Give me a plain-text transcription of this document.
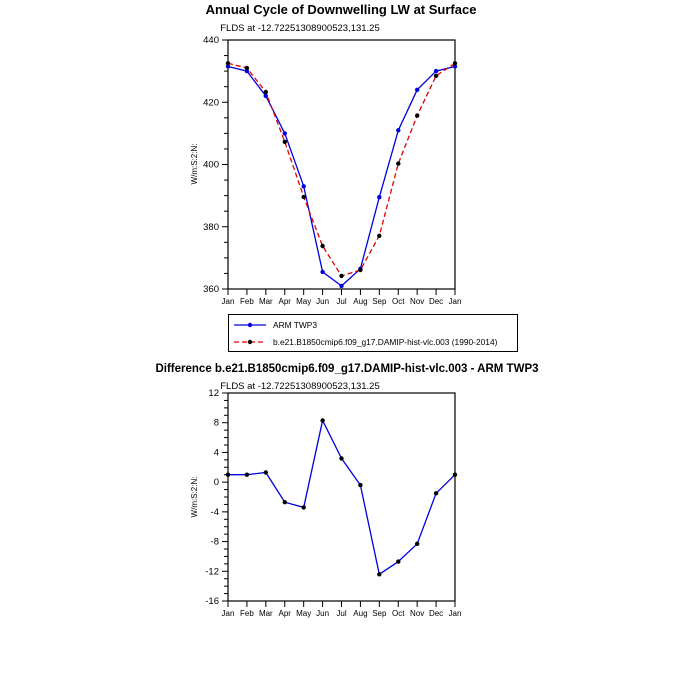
Annual Cycle of Downwelling LW at Surface
FLDS at -12.72251308900523,131.25
W/m:S:2:N:
360
380
400
420
440
Jan Feb Mar Apr May Jun Jul Aug Sep Oct Nov Dec Jan
ARM TWP3
b.e21.B1850cmip6.f09_g17.DAMIP-hist-vlc.003 (1990-2014)
Difference b.e21.B1850cmip6.f09_g17.DAMIP-hist-vlc.003 - ARM TWP3
FLDS at -12.72251308900523,131.25
W/m:S:2:N:
-16
-12
-8
-4
0
4
8
12
Jan Feb Mar Apr May Jun Jul Aug Sep Oct Nov Dec Jan
